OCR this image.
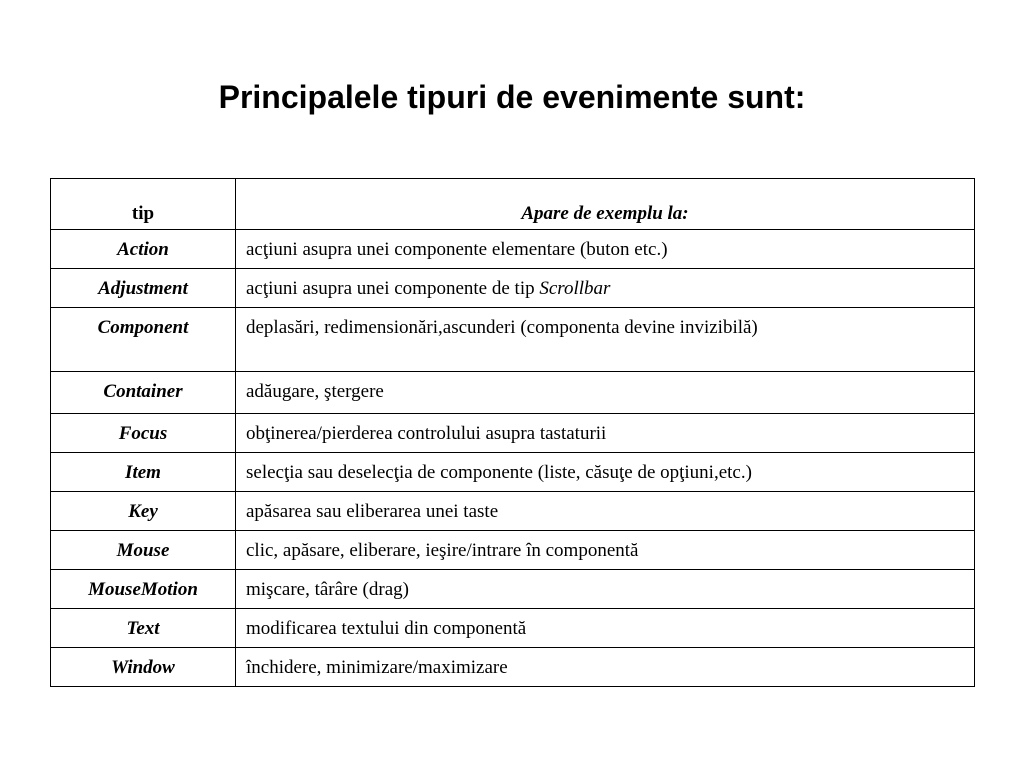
Principalele tipuri de evenimente sunt:
tip	Apare de exemplu la:
Action	acţiuni asupra unei componente elementare (buton etc.)
Adjustment	acţiuni asupra unei componente de tip Scrollbar
Component	deplasări, redimensionări,ascunderi (componenta devine invizibilă)
Container	adăugare, ştergere
Focus	obţinerea/pierderea controlului asupra tastaturii
Item	selecţia sau deselecţia de componente (liste, căsuţe de opţiuni,etc.)
Key	apăsarea sau eliberarea unei taste
Mouse	clic, apăsare, eliberare, ieşire/intrare în componentă
MouseMotion	mişcare, târâre (drag)
Text	modificarea textului din componentă
Window	închidere, minimizare/maximizare
